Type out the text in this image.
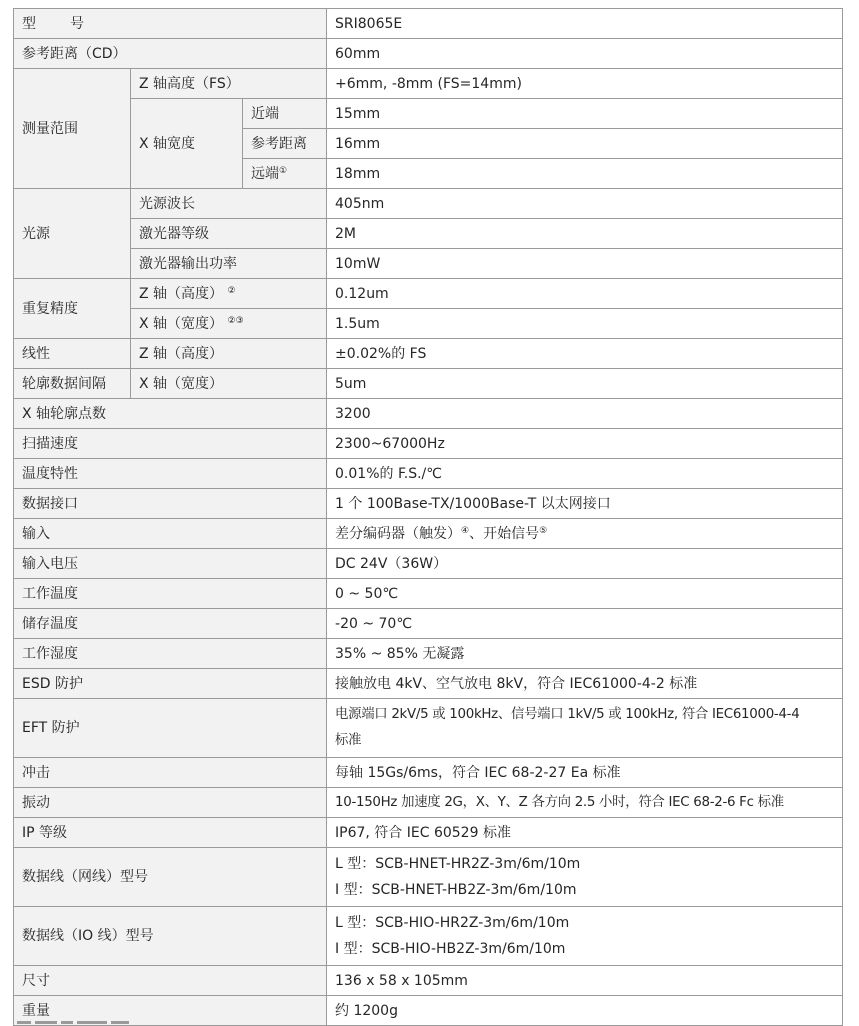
型 号			SRI8065E
参考距离（CD）			60mm
测量范围	Z 轴高度（FS）		+6mm, -8mm (FS=14mm)
	X 轴宽度	近端	15mm
		参考距离	16mm
		远端①	18mm
光源	光源波长		405nm
	激光器等级		2M
	激光器输出功率		10mW
重复精度	Z 轴（高度） ②		0.12um
	X 轴（宽度） ②③		1.5um
线性	Z 轴（高度）		±0.02%的 FS
轮廓数据间隔	X 轴（宽度）		5um
X 轴轮廓点数			3200
扫描速度			2300~67000Hz
温度特性			0.01%的 F.S./℃
数据接口			1 个 100Base-TX/1000Base-T 以太网接口
输入			差分编码器（触发）④、开始信号⑤
输入电压			DC 24V（36W）
工作温度			0 ~ 50℃
储存温度			-20 ~ 70℃
工作湿度			35% ~ 85% 无凝露
ESD 防护			接触放电 4kV、空气放电 8kV，符合 IEC61000-4-2 标准
EFT 防护			电源端口 2kV/5 或 100kHz、信号端口 1kV/5 或 100kHz, 符合 IEC61000-4-4
标准

冲击			每轴 15Gs/6ms，符合 IEC 68-2-27 Ea 标准
振动			10-150Hz 加速度 2G，X、Y、Z 各方向 2.5 小时，符合 IEC 68-2-6 Fc 标准
IP 等级			IP67, 符合 IEC 60529 标准
数据线（网线）型号			L 型：SCB-HNET-HR2Z-3m/6m/10m
I 型：SCB-HNET-HB2Z-3m/6m/10m

数据线（IO 线）型号			L 型：SCB-HIO-HR2Z-3m/6m/10m
I 型：SCB-HIO-HB2Z-3m/6m/10m

尺寸			136 x 58 x 105mm
重量			约 1200g
